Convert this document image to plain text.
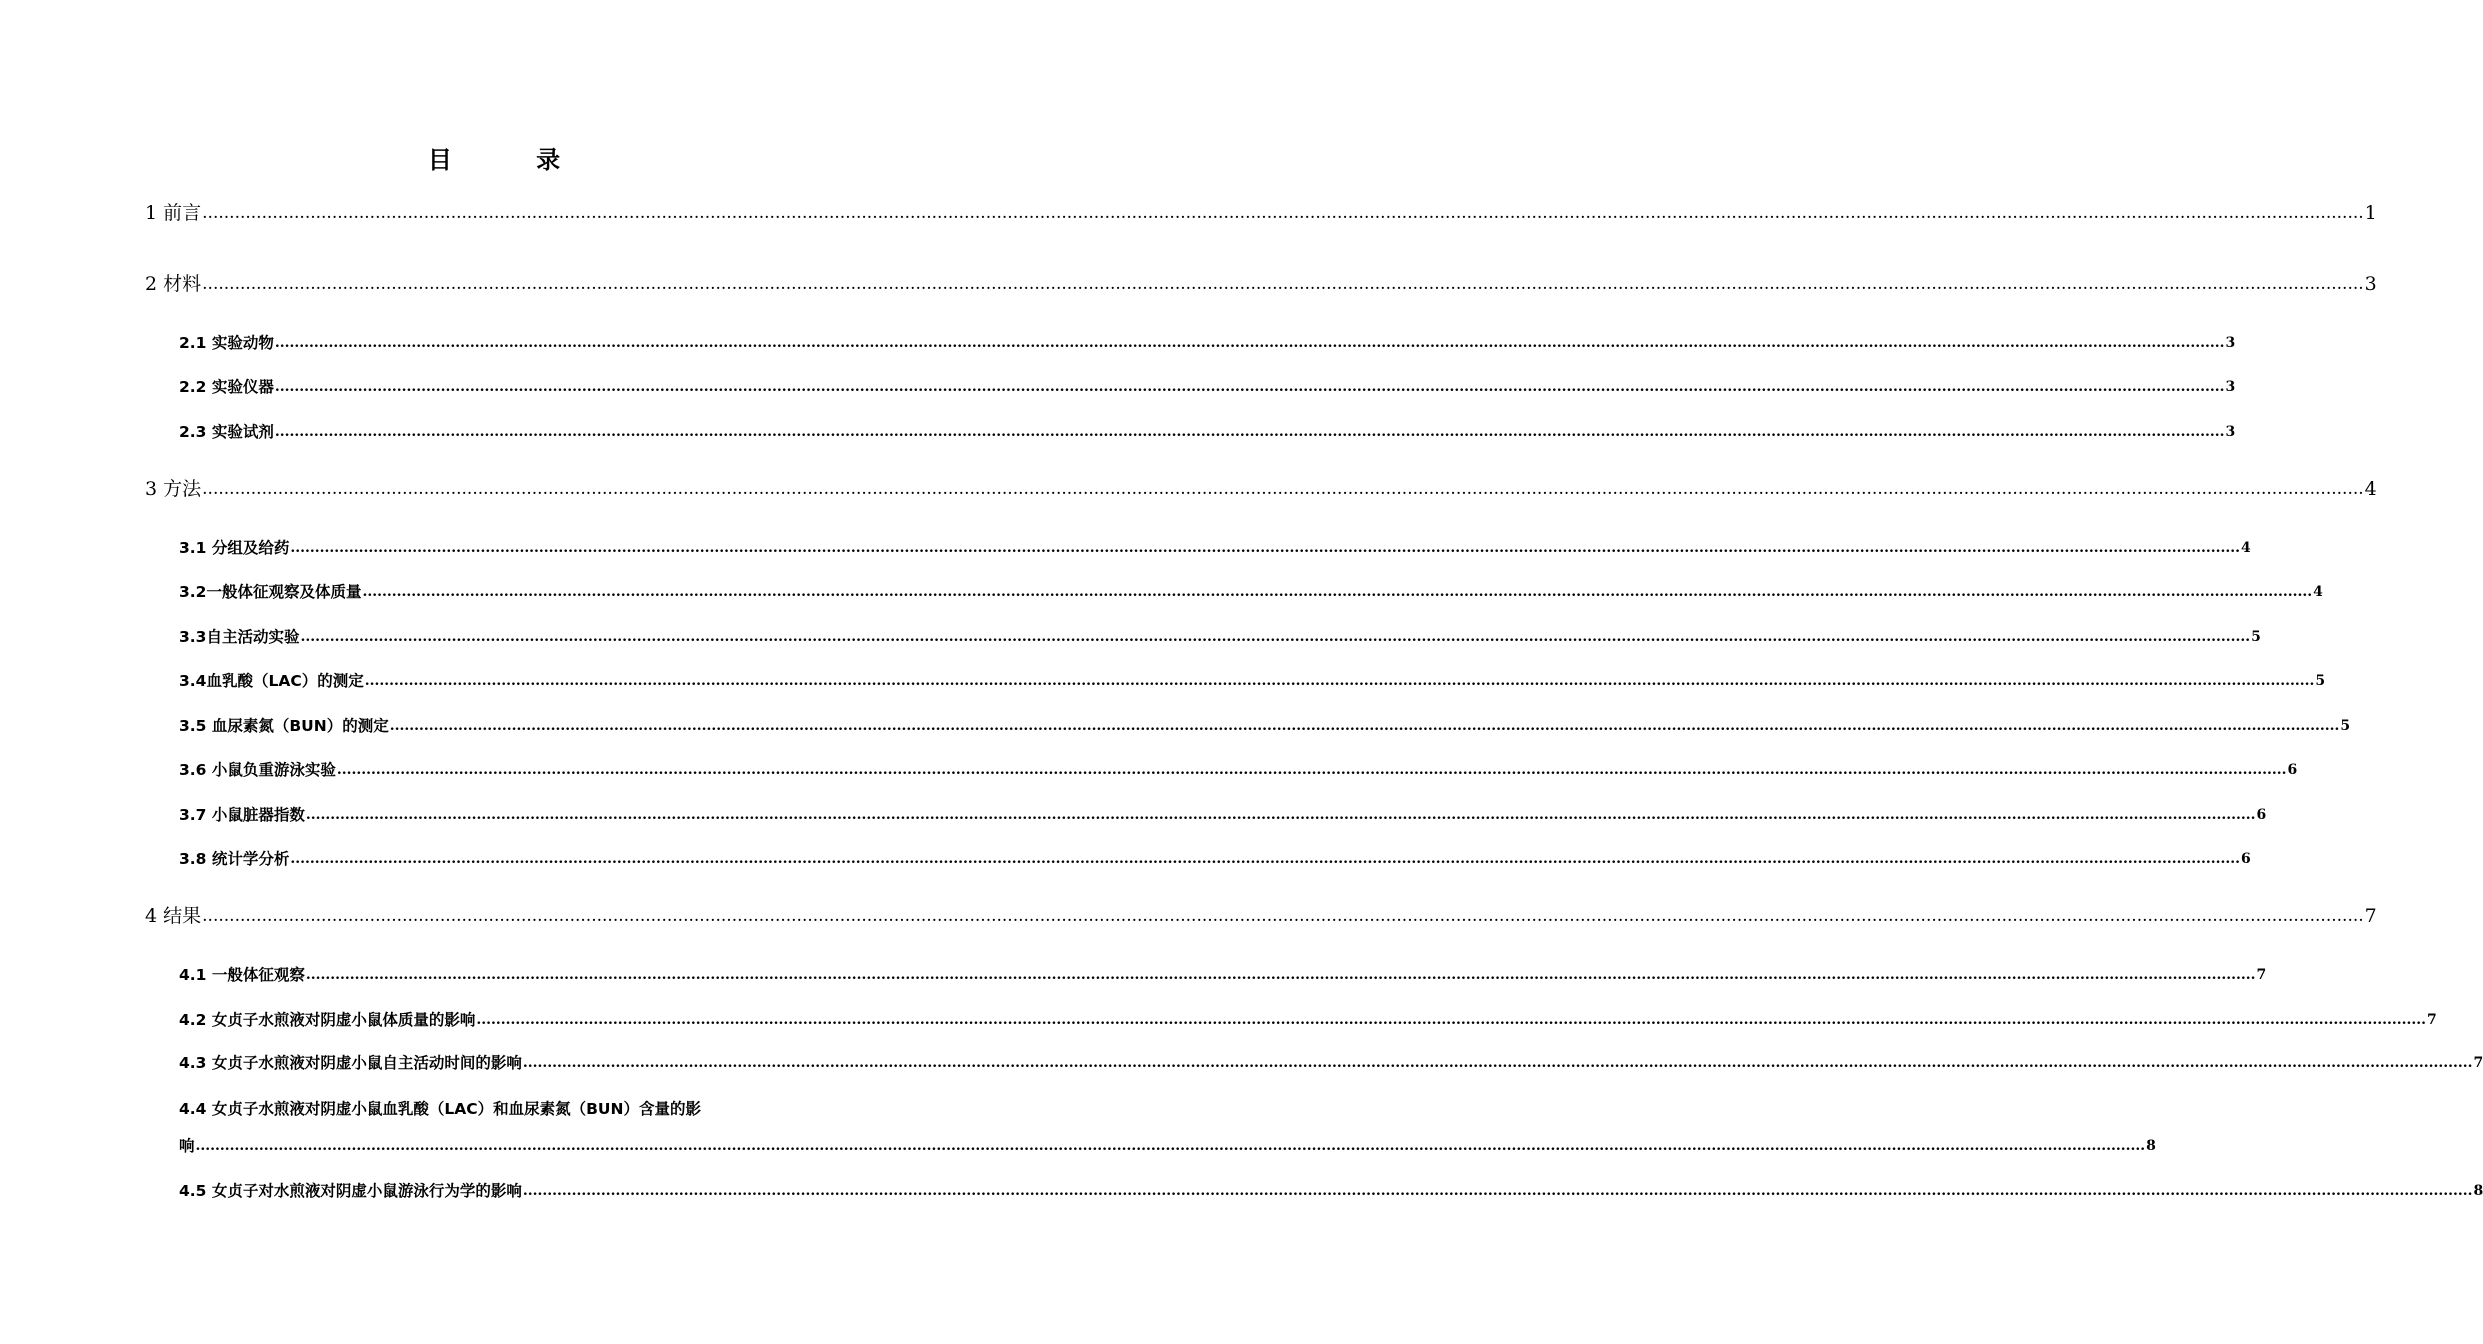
目 录
1 前言 ................................................................................................................................................................................................................................................................................................................................................................................................................ 1
2 材料 ................................................................................................................................................................................................................................................................................................................................................................................................................ 3
2.1 实验动物 ................................................................................................................................................................................................................................................................................................................................................................................................................ 3
2.2 实验仪器 ................................................................................................................................................................................................................................................................................................................................................................................................................ 3
2.3 实验试剂 ................................................................................................................................................................................................................................................................................................................................................................................................................ 3
3 方法 ................................................................................................................................................................................................................................................................................................................................................................................................................ 4
3.1 分组及给药 ................................................................................................................................................................................................................................................................................................................................................................................................................ 4
3.2一般体征观察及体质量 ................................................................................................................................................................................................................................................................................................................................................................................................................ 4
3.3自主活动实验 ................................................................................................................................................................................................................................................................................................................................................................................................................ 5
3.4血乳酸（LAC）的测定 ................................................................................................................................................................................................................................................................................................................................................................................................................ 5
3.5 血尿素氮（BUN）的测定 ................................................................................................................................................................................................................................................................................................................................................................................................................ 5
3.6 小鼠负重游泳实验 ................................................................................................................................................................................................................................................................................................................................................................................................................ 6
3.7 小鼠脏器指数 ................................................................................................................................................................................................................................................................................................................................................................................................................ 6
3.8 统计学分析 ................................................................................................................................................................................................................................................................................................................................................................................................................ 6
4 结果 ................................................................................................................................................................................................................................................................................................................................................................................................................ 7
4.1 一般体征观察 ................................................................................................................................................................................................................................................................................................................................................................................................................ 7
4.2 女贞子水煎液对阴虚小鼠体质量的影响 ................................................................................................................................................................................................................................................................................................................................................................................................................ 7
4.3 女贞子水煎液对阴虚小鼠自主活动时间的影响 ................................................................................................................................................................................................................................................................................................................................................................................................................ 7
4.4 女贞子水煎液对阴虚小鼠血乳酸（LAC）和血尿素氮（BUN）含量的影
响 ................................................................................................................................................................................................................................................................................................................................................................................................................ 8
4.5 女贞子对水煎液对阴虚小鼠游泳行为学的影响 ................................................................................................................................................................................................................................................................................................................................................................................................................ 8
